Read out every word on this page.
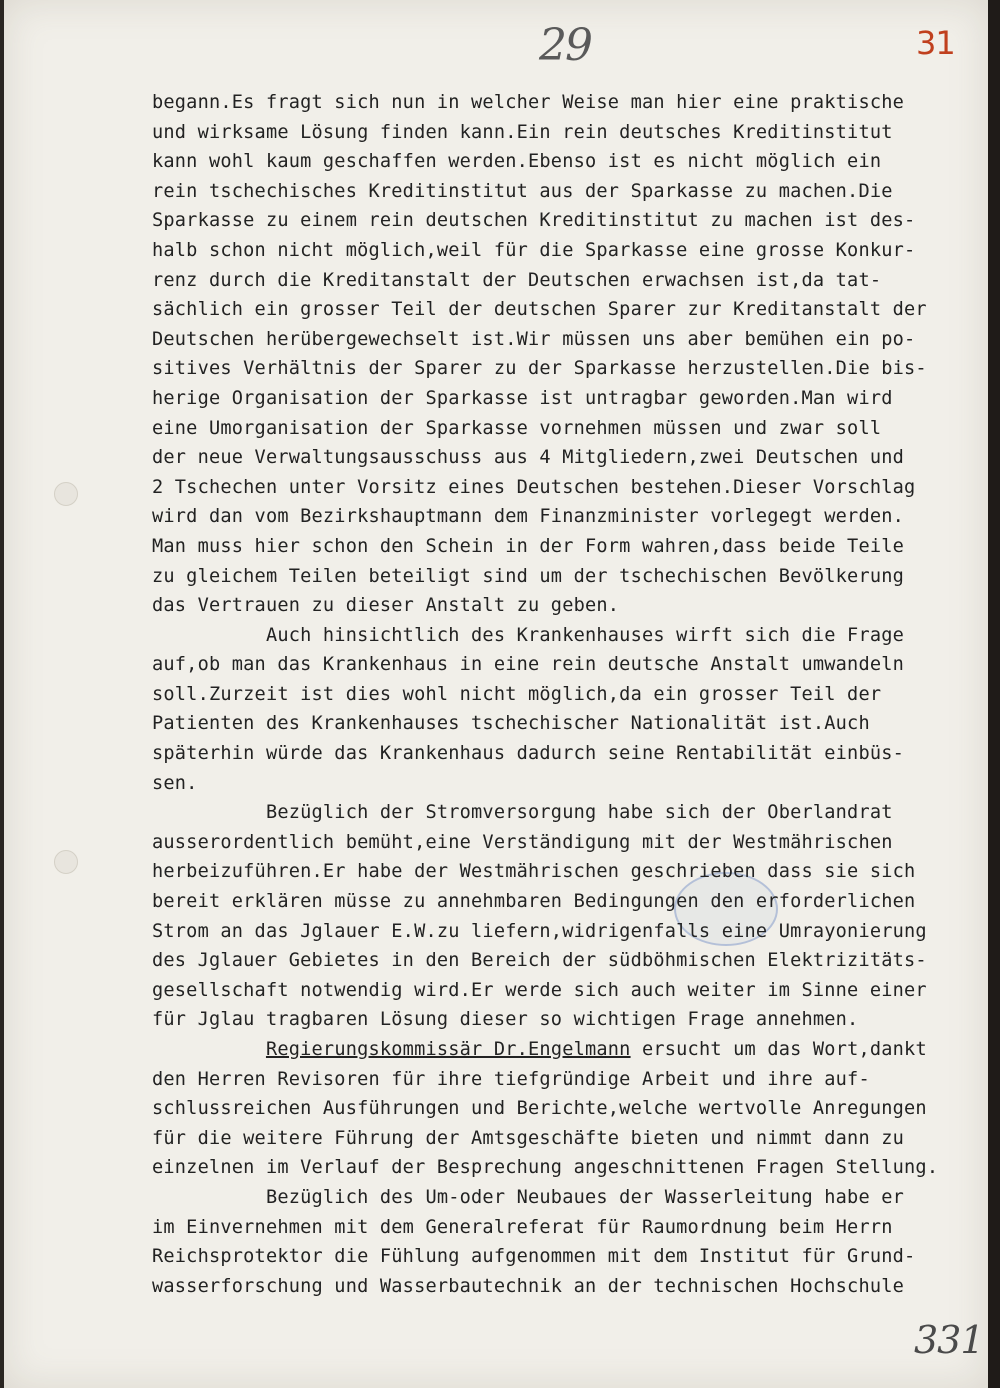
29	31
begann.Es fragt sich nun in welcher Weise man hier eine praktische
und wirksame Lösung finden kann.Ein rein deutsches Kreditinstitut
kann wohl kaum geschaffen werden.Ebenso ist es nicht möglich ein
rein tschechisches Kreditinstitut aus der Sparkasse zu machen.Die
Sparkasse zu einem rein deutschen Kreditinstitut zu machen ist des-
halb schon nicht möglich,weil für die Sparkasse eine grosse Konkur-
renz durch die Kreditanstalt der Deutschen erwachsen ist,da tat-
sächlich ein grosser Teil der deutschen Sparer zur Kreditanstalt der
Deutschen herübergewechselt ist.Wir müssen uns aber bemühen ein po-
sitives Verhältnis der Sparer zu der Sparkasse herzustellen.Die bis-
herige Organisation der Sparkasse ist untragbar geworden.Man wird
eine Umorganisation der Sparkasse vornehmen müssen und zwar soll
der neue Verwaltungsausschuss aus 4 Mitgliedern,zwei Deutschen und
2 Tschechen unter Vorsitz eines Deutschen bestehen.Dieser Vorschlag
wird dan vom Bezirkshauptmann dem Finanzminister vorlegegt werden.
Man muss hier schon den Schein in der Form wahren,dass beide Teile
zu gleichem Teilen beteiligt sind um der tschechischen Bevölkerung
das Vertrauen zu dieser Anstalt zu geben.
Auch hinsichtlich des Krankenhauses wirft sich die Frage
auf,ob man das Krankenhaus in eine rein deutsche Anstalt umwandeln
soll.Zurzeit ist dies wohl nicht möglich,da ein grosser Teil der
Patienten des Krankenhauses tschechischer Nationalität ist.Auch
späterhin würde das Krankenhaus dadurch seine Rentabilität einbüs-
sen.
Bezüglich der Stromversorgung habe sich der Oberlandrat
ausserordentlich bemüht,eine Verständigung mit der Westmährischen
herbeizuführen.Er habe der Westmährischen geschrieben dass sie sich
bereit erklären müsse zu annehmbaren Bedingungen den erforderlichen
Strom an das Jglauer E.W.zu liefern,widrigenfalls eine Umrayonierung
des Jglauer Gebietes in den Bereich der südböhmischen Elektrizitäts-
gesellschaft notwendig wird.Er werde sich auch weiter im Sinne einer
für Jglau tragbaren Lösung dieser so wichtigen Frage annehmen.
Regierungskommissär Dr.Engelmann ersucht um das Wort,dankt
den Herren Revisoren für ihre tiefgründige Arbeit und ihre auf-
schlussreichen Ausführungen und Berichte,welche wertvolle Anregungen
für die weitere Führung der Amtsgeschäfte bieten und nimmt dann zu
einzelnen im Verlauf der Besprechung angeschnittenen Fragen Stellung.
Bezüglich des Um-oder Neubaues der Wasserleitung habe er
im Einvernehmen mit dem Generalreferat für Raumordnung beim Herrn
Reichsprotektor die Fühlung aufgenommen mit dem Institut für Grund-
wasserforschung und Wasserbautechnik an der technischen Hochschule
331
